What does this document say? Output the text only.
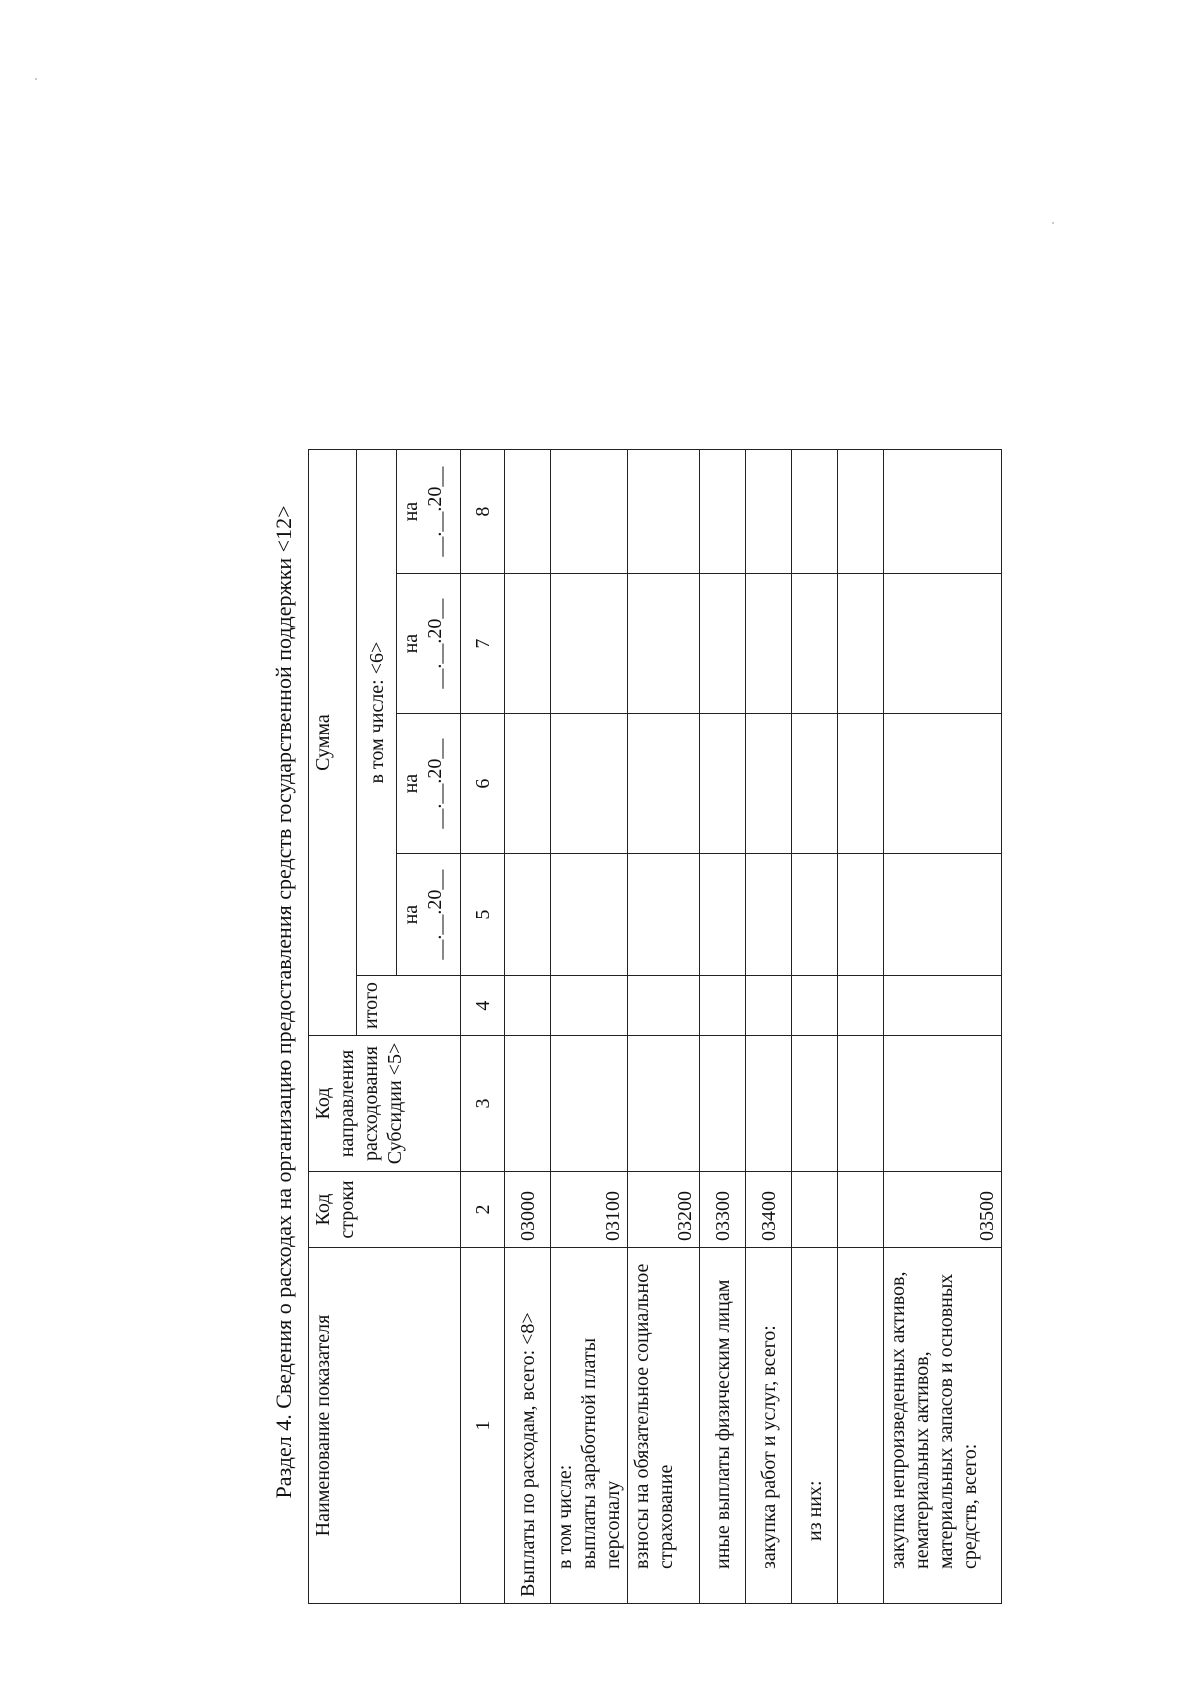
Раздел 4. Сведения о расходах на организацию предоставления средств государственной поддержки <12> Наименование показателя	Код строки	Код направления расходования Субсидии <5>	Сумма				
			итого	в том числе: <6>			

				на __.__.20__	на __.__.20__	на __.__.20__	на __.__.20__

1	2	3	4	5	6	7	8
Выплаты по расходам, всего: <8>	03000						
в том числе:
выплаты заработной платы персоналу	03100						
взносы на обязательное социальное страхование	03200						
иные выплаты физическим лицам	03300						
закупка работ и услуг, всего:	03400						
из них:							

закупка непроизведенных активов, нематериальных активов, материальных запасов и основных средств, всего:	03500						
